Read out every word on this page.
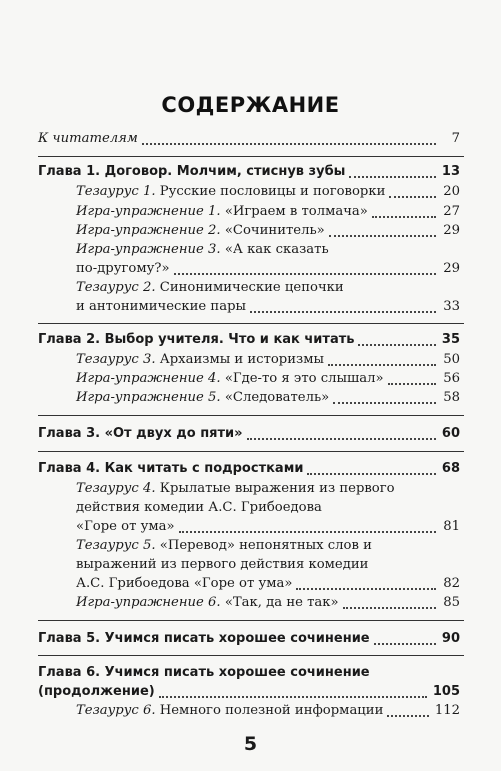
СОДЕРЖАНИЕ
К читателям	7
Глава 1. Договор. Молчим, стиснув зубы	13
Тезаурус 1. Русские пословицы и поговорки	20
Игра-упражнение 1. «Играем в толмача»	27
Игра-упражнение 2. «Сочинитель»	29
Игра-упражнение 3. «А как сказать
по-другому?»	29
Тезаурус 2. Синонимические цепочки
и антонимические пары	33
Глава 2. Выбор учителя. Что и как читать	35
Тезаурус 3. Архаизмы и историзмы	50
Игра-упражнение 4. «Где-то я это слышал»	56
Игра-упражнение 5. «Следователь»	58
Глава 3. «От двух до пяти»	60
Глава 4. Как читать с подростками	68
Тезаурус 4. Крылатые выражения из первого
действия комедии А.С. Грибоедова
«Горе от ума»	81
Тезаурус 5. «Перевод» непонятных слов и
выражений из первого действия комедии
А.С. Грибоедова «Горе от ума»	82
Игра-упражнение 6. «Так, да не так»	85
Глава 5. Учимся писать хорошее сочинение	90
Глава 6. Учимся писать хорошее сочинение
(продолжение)	105
Тезаурус 6. Немного полезной информации	112
5
